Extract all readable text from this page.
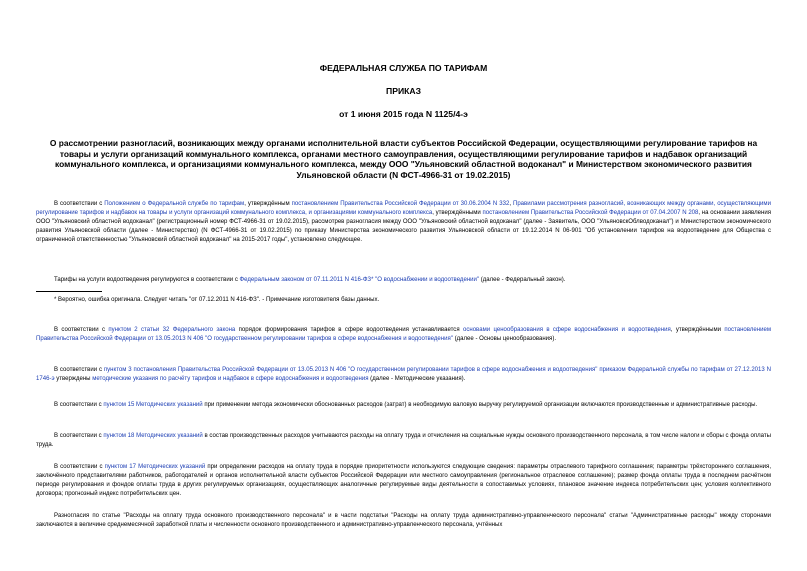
ФЕДЕРАЛЬНАЯ СЛУЖБА ПО ТАРИФАМ
ПРИКАЗ
от 1 июня 2015 года N 1125/4-э
О рассмотрении разногласий, возникающих между органами исполнительной власти субъектов Российской Федерации, осуществляющими регулирование тарифов на товары и услуги организаций коммунального комплекса, органами местного самоуправления, осуществляющими регулирование тарифов и надбавок организаций коммунального комплекса, и организациями коммунального комплекса, между ООО "Ульяновский областной водоканал" и Министерством экономического развития Ульяновской области (N ФСТ-4966-31 от 19.02.2015)
В соответствии с Положением о Федеральной службе по тарифам, утверждённым постановлением Правительства Российской Федерации от 30.06.2004 N 332, Правилами рассмотрения разногласий, возникающих между органами, осуществляющими регулирование тарифов и надбавок на товары и услуги организаций коммунального комплекса, и организациями коммунального комплекса, утверждёнными постановлением Правительства Российской Федерации от 07.04.2007 N 208, на основании заявления ООО "Ульяновский областной водоканал" (регистрационный номер ФСТ-4966-31 от 19.02.2015), рассмотрев разногласия между ООО "Ульяновский областной водоканал" (далее - Заявитель, ООО "УльяновскОблводоканал") и Министерством экономического развития Ульяновской области (далее - Министерство) (N ФСТ-4966-31 от 19.02.2015) по приказу Министерства экономического развития Ульяновской области от 19.12.2014 N 06-901 "Об установлении тарифов на водоотведение для Общества с ограниченной ответственностью "Ульяновский областной водоканал" на 2015-2017 годы", установлено следующее.
Тарифы на услуги водоотведения регулируются в соответствии с Федеральным законом от 07.11.2011 N 416-ФЗ* "О водоснабжении и водоотведении" (далее - Федеральный закон).
* Вероятно, ошибка оригинала. Следует читать "от 07.12.2011 N 416-ФЗ". - Примечание изготовителя базы данных.
В соответствии с пунктом 2 статьи 32 Федерального закона порядок формирования тарифов в сфере водоотведения устанавливается основами ценообразования в сфере водоснабжения и водоотведения, утверждёнными постановлением Правительства Российской Федерации от 13.05.2013 N 406 "О государственном регулировании тарифов в сфере водоснабжения и водоотведения" (далее - Основы ценообразования).
В соответствии с пунктом 3 постановления Правительства Российской Федерации от 13.05.2013 N 406 "О государственном регулировании тарифов в сфере водоснабжения и водоотведения" приказом Федеральной службы по тарифам от 27.12.2013 N 1746-э утверждены методические указания по расчёту тарифов и надбавок в сфере водоснабжения и водоотведения (далее - Методические указания).
В соответствии с пунктом 15 Методических указаний при применении метода экономически обоснованных расходов (затрат) в необходимую валовую выручку регулируемой организации включаются производственные и административные расходы.
В соответствии с пунктом 18 Методических указаний в состав производственных расходов учитываются расходы на оплату труда и отчисления на социальные нужды основного производственного персонала, в том числе налоги и сборы с фонда оплаты труда.
В соответствии с пунктом 17 Методических указаний при определении расходов на оплату труда в порядке приоритетности используются следующие сведения: параметры отраслевого тарифного соглашения; параметры трёхстороннего соглашения, заключённого представителями работников, работодателей и органов исполнительной власти субъектов Российской Федерации или местного самоуправления (региональное отраслевое соглашение); размер фонда оплаты труда в последнем расчётном периоде регулирования и фондов оплаты труда в других регулируемых организациях, осуществляющих аналогичные регулируемые виды деятельности в сопоставимых условиях, плановое значение индекса потребительских цен; условия коллективного договора; прогнозный индекс потребительских цен.
Разногласия по статье "Расходы на оплату труда основного производственного персонала" и в части подстатьи "Расходы на оплату труда административно-управленческого персонала" статьи "Административные расходы" между сторонами заключаются в величине среднемесячной заработной платы и численности основного производственного и административно-управленческого персонала, учтённых
